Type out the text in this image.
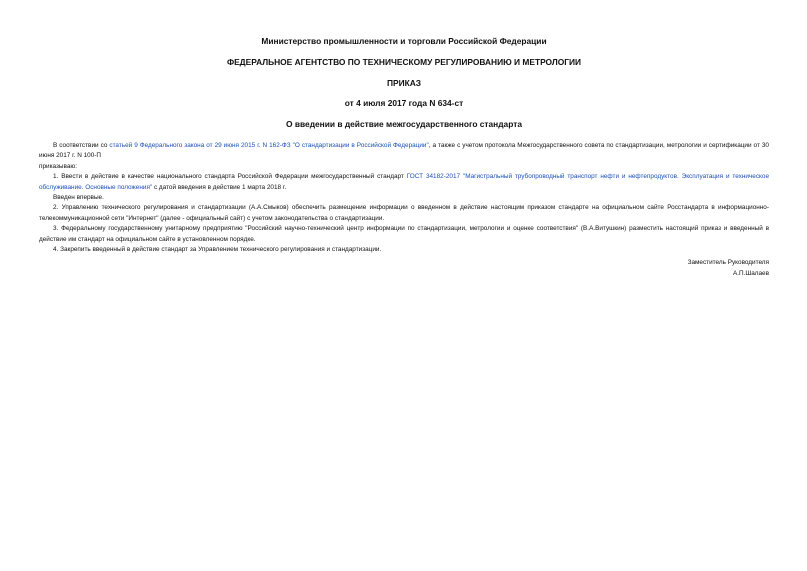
Министерство промышленности и торговли Российской Федерации
ФЕДЕРАЛЬНОЕ АГЕНТСТВО ПО ТЕХНИЧЕСКОМУ РЕГУЛИРОВАНИЮ И МЕТРОЛОГИИ
ПРИКАЗ
от 4 июля 2017 года N 634-ст
О введении в действие межгосударственного стандарта

В соответствии со статьей 9 Федерального закона от 29 июня 2015 г. N 162-ФЗ "О стандартизации в Российской Федерации", а также с учетом протокола Межгосударственного совета по стандартизации, метрологии и сертификации от 30 июня 2017 г. N 100-П

приказываю:

1. Ввести в действие в качестве национального стандарта Российской Федерации межгосударственный стандарт ГОСТ 34182-2017 "Магистральный трубопроводный транспорт нефти и нефтепродуктов. Эксплуатация и техническое обслуживание. Основные положения" с датой введения в действие 1 марта 2018 г.

Введен впервые.

2. Управлению технического регулирования и стандартизации (А.А.Смыков) обеспечить размещение информации о введенном в действие настоящим приказом стандарте на официальном сайте Росстандарта в информационно-телекоммуникационной сети "Интернет" (далее - официальный сайт) с учетом законодательства о стандартизации.

3. Федеральному государственному унитарному предприятию "Российский научно-технический центр информации по стандартизации, метрологии и оценке соответствия" (В.А.Витушкин) разместить настоящий приказ и введенный в действие им стандарт на официальном сайте в установленном порядке.

4. Закрепить введенный в действие стандарт за Управлением технического регулирования и стандартизации.

Заместитель Руководителя
А.П.Шалаев
